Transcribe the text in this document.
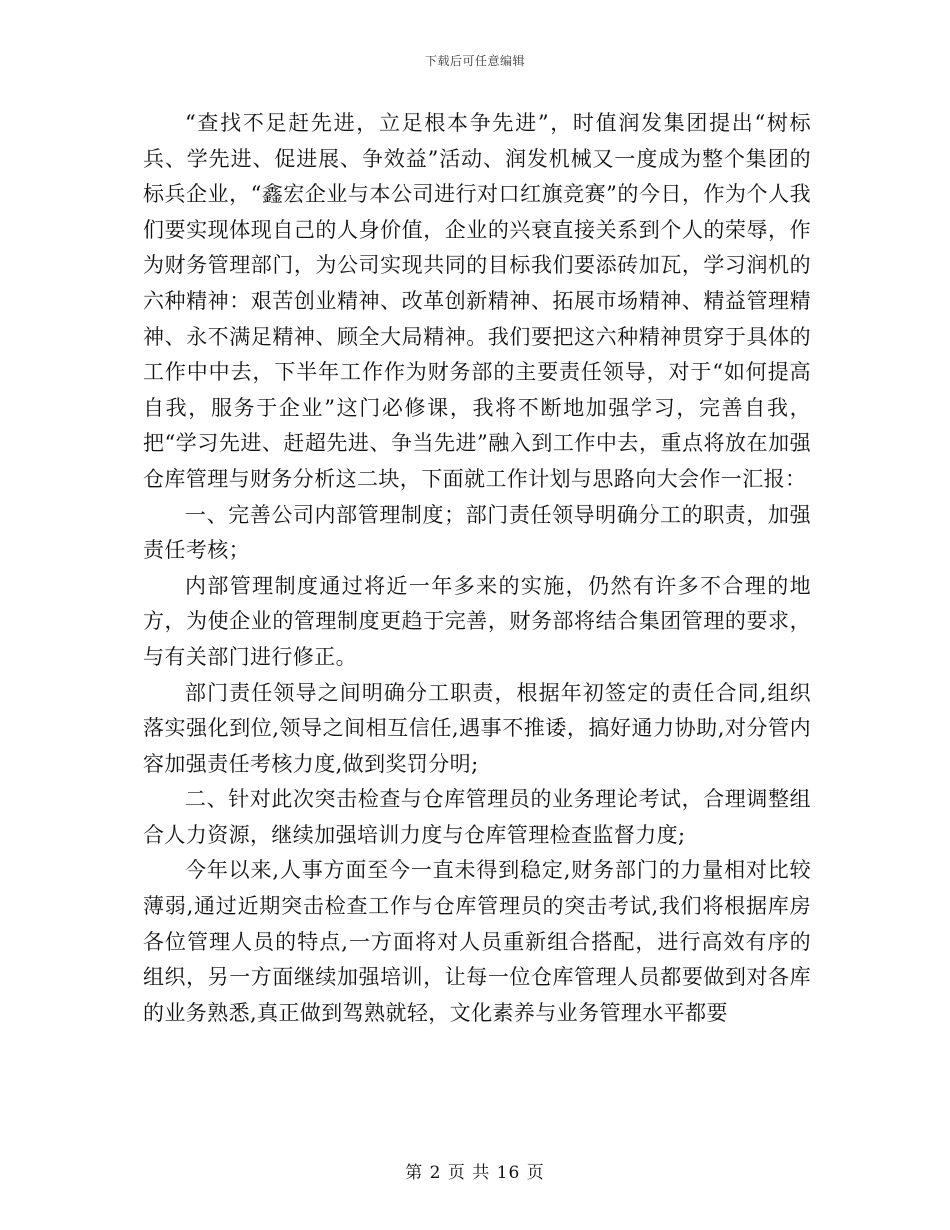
下载后可任意编辑

“查找不足赶先进，立足根本争先进”，时值润发集团提出“树标兵、学先进、促进展、争效益”活动、润发机械又一度成为整个集团的标兵企业，“鑫宏企业与本公司进行对口红旗竞赛”的今日，作为个人我们要实现体现自己的人身价值，企业的兴衰直接关系到个人的荣辱，作为财务管理部门，为公司实现共同的目标我们要添砖加瓦，学习润机的六种精神：艰苦创业精神、改革创新精神、拓展市场精神、精益管理精神、永不满足精神、顾全大局精神。我们要把这六种精神贯穿于具体的工作中中去，下半年工作作为财务部的主要责任领导，对于“如何提高自我，服务于企业”这门必修课，我将不断地加强学习，完善自我，把“学习先进、赶超先进、争当先进”融入到工作中去，重点将放在加强仓库管理与财务分析这二块，下面就工作计划与思路向大会作一汇报：

一、完善公司内部管理制度；部门责任领导明确分工的职责，加强责任考核；

内部管理制度通过将近一年多来的实施，仍然有许多不合理的地方，为使企业的管理制度更趋于完善，财务部将结合集团管理的要求，与有关部门进行修正。

部门责任领导之间明确分工职责，根据年初签定的责任合同,组织落实强化到位,领导之间相互信任,遇事不推诿，搞好通力协助,对分管内容加强责任考核力度,做到奖罚分明;

二、针对此次突击检查与仓库管理员的业务理论考试，合理调整组合人力资源，继续加强培训力度与仓库管理检查监督力度;

今年以来,人事方面至今一直未得到稳定,财务部门的力量相对比较薄弱,通过近期突击检查工作与仓库管理员的突击考试,我们将根据库房各位管理人员的特点,一方面将对人员重新组合搭配，进行高效有序的组织，另一方面继续加强培训，让每一位仓库管理人员都要做到对各库的业务熟悉,真正做到驾熟就轻，文化素养与业务管理水平都要

第 2 页 共 16 页
